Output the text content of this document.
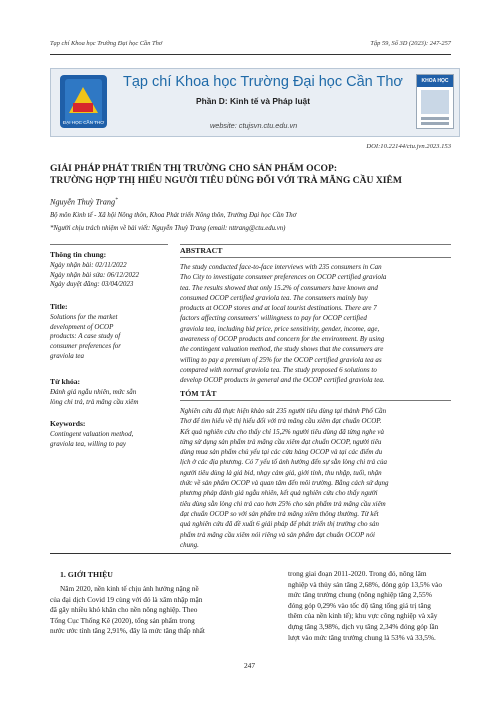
Tạp chí Khoa học Trường Đại học Cần Thơ	Tập 59, Số 3D (2023): 247-257
ĐẠI HỌC CẦN THƠ
Tạp chí Khoa học Trường Đại học Cần Thơ
Phần D: Kinh tế và Pháp luật
website: ctujsvn.ctu.edu.vn
KHOA HỌC
DOI:10.22144/ctu.jvn.2023.153
GIẢI PHÁP PHÁT TRIỂN THỊ TRƯỜNG CHO SẢN PHẨM OCOP:
TRƯỜNG HỢP THỊ HIẾU NGƯỜI TIÊU DÙNG ĐỐI VỚI TRÀ MÃNG CẦU XIÊM
Nguyễn Thuỳ Trang*
Bộ môn Kinh tế - Xã hội Nông thôn, Khoa Phát triển Nông thôn, Trường Đại học Cần Thơ
*Người chịu trách nhiệm về bài viết: Nguyễn Thuỳ Trang (email: nttrang@ctu.edu.vn)
Thông tin chung:
Ngày nhận bài: 02/11/2022
Ngày nhận bài sửa: 06/12/2022
Ngày duyệt đăng: 03/04/2023
Title:
Solutions for the market
development of OCOP
products: A case study of
consumer preferences for
graviola tea
Từ khóa:
Đánh giá ngẫu nhiên, mức sẵn
lòng chi trả, trà mãng cầu xiêm
Keywords:
Contingent valuation method,
graviola tea, willing to pay
ABSTRACT
The study conducted face-to-face interviews with 235 consumers in Can
Tho City to investigate consumer preferences on OCOP certified graviola
tea. The results showed that only 15.2% of consumers have known and
consumed OCOP certified graviola tea. The consumers mainly buy
products at OCOP stores and at local tourist destinations. There are 7
factors affecting consumers' willingness to pay for OCOP certified
graviola tea, including bid price, price sensitivity, gender, income, age,
awareness of OCOP products and concern for the environment. By using
the contingent valuation method, the study shows that the consumers are
willing to pay a premium of 25% for the OCOP certified graviola tea as
compared with normal graviola tea. The study proposed 6 solutions to
develop OCOP products in general and the OCOP certified graviola tea.
TÓM TẮT
Nghiên cứu đã thực hiện khảo sát 235 người tiêu dùng tại thành Phố Cần
Thơ để tìm hiểu về thị hiếu đối với trà mãng cầu xiêm đạt chuẩn OCOP.
Kết quả nghiên cứu cho thấy chỉ 15,2% người tiêu dùng đã từng nghe và
từng sử dụng sản phẩm trà mãng cầu xiêm đạt chuẩn OCOP, người tiêu
dùng mua sản phẩm chủ yếu tại các cửa hàng OCOP và tại các điểm du
lịch ở các địa phương. Có 7 yếu tố ảnh hưởng đến sự sẵn lòng chi trả của
người tiêu dùng là giá bid, nhạy cảm giá, giới tính, thu nhập, tuổi, nhận
thức về sản phẩm OCOP và quan tâm đến môi trường. Bằng cách sử dụng
phương pháp đánh giá ngẫu nhiên, kết quả nghiên cứu cho thấy người
tiêu dùng sẵn lòng chi trả cao hơn 25% cho sản phẩm trà mãng cầu xiêm
đạt chuẩn OCOP so với sản phẩm trà mãng xiêm thông thường. Từ kết
quả nghiên cứu đã đề xuất 6 giải pháp để phát triển thị trường cho sản
phẩm trà mãng cầu xiêm nói riêng và sản phẩm đạt chuẩn OCOP nói
chung.
1. GIỚI THIỆU
Năm 2020, nền kinh tế chịu ảnh hưởng nặng nề
của đại dịch Covid 19 cùng với đó là xâm nhập mặn
đã gây nhiều khó khăn cho nền nông nghiệp. Theo
Tổng Cục Thống Kê (2020), tổng sản phẩm trong
nước ước tính tăng 2,91%, đây là mức tăng thấp nhất
trong giai đoạn 2011-2020. Trong đó, nông lâm
nghiệp và thủy sản tăng 2,68%, đóng góp 13,5% vào
mức tăng trưởng chung (nông nghiệp tăng 2,55%
đóng góp 0,29% vào tốc độ tăng tổng giá trị tăng
thêm của nền kinh tế); khu vực công nghiệp và xây
dựng tăng 3,98%, dịch vụ tăng 2,34% đóng góp lần
lượt vào mức tăng trưởng chung là 53% và 33,5%.
247
